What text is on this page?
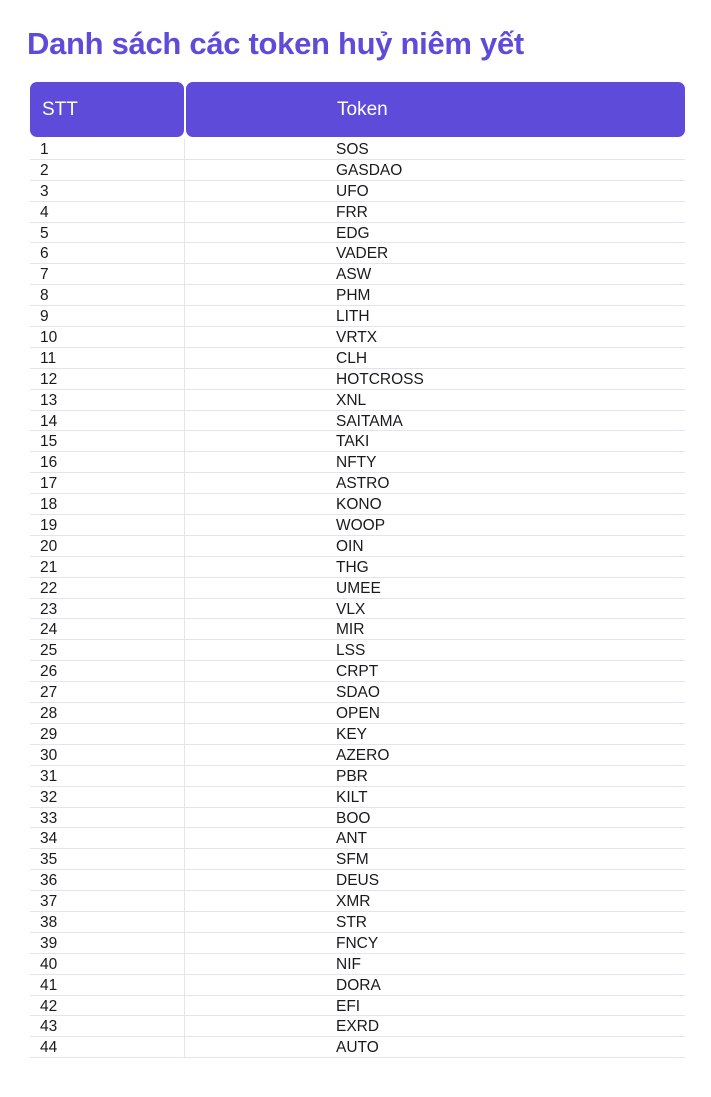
Danh sách các token huỷ niêm yết
STT	Token
1	SOS
2	GASDAO
3	UFO
4	FRR
5	EDG
6	VADER
7	ASW
8	PHM
9	LITH
10	VRTX
11	CLH
12	HOTCROSS
13	XNL
14	SAITAMA
15	TAKI
16	NFTY
17	ASTRO
18	KONO
19	WOOP
20	OIN
21	THG
22	UMEE
23	VLX
24	MIR
25	LSS
26	CRPT
27	SDAO
28	OPEN
29	KEY
30	AZERO
31	PBR
32	KILT
33	BOO
34	ANT
35	SFM
36	DEUS
37	XMR
38	STR
39	FNCY
40	NIF
41	DORA
42	EFI
43	EXRD
44	AUTO
